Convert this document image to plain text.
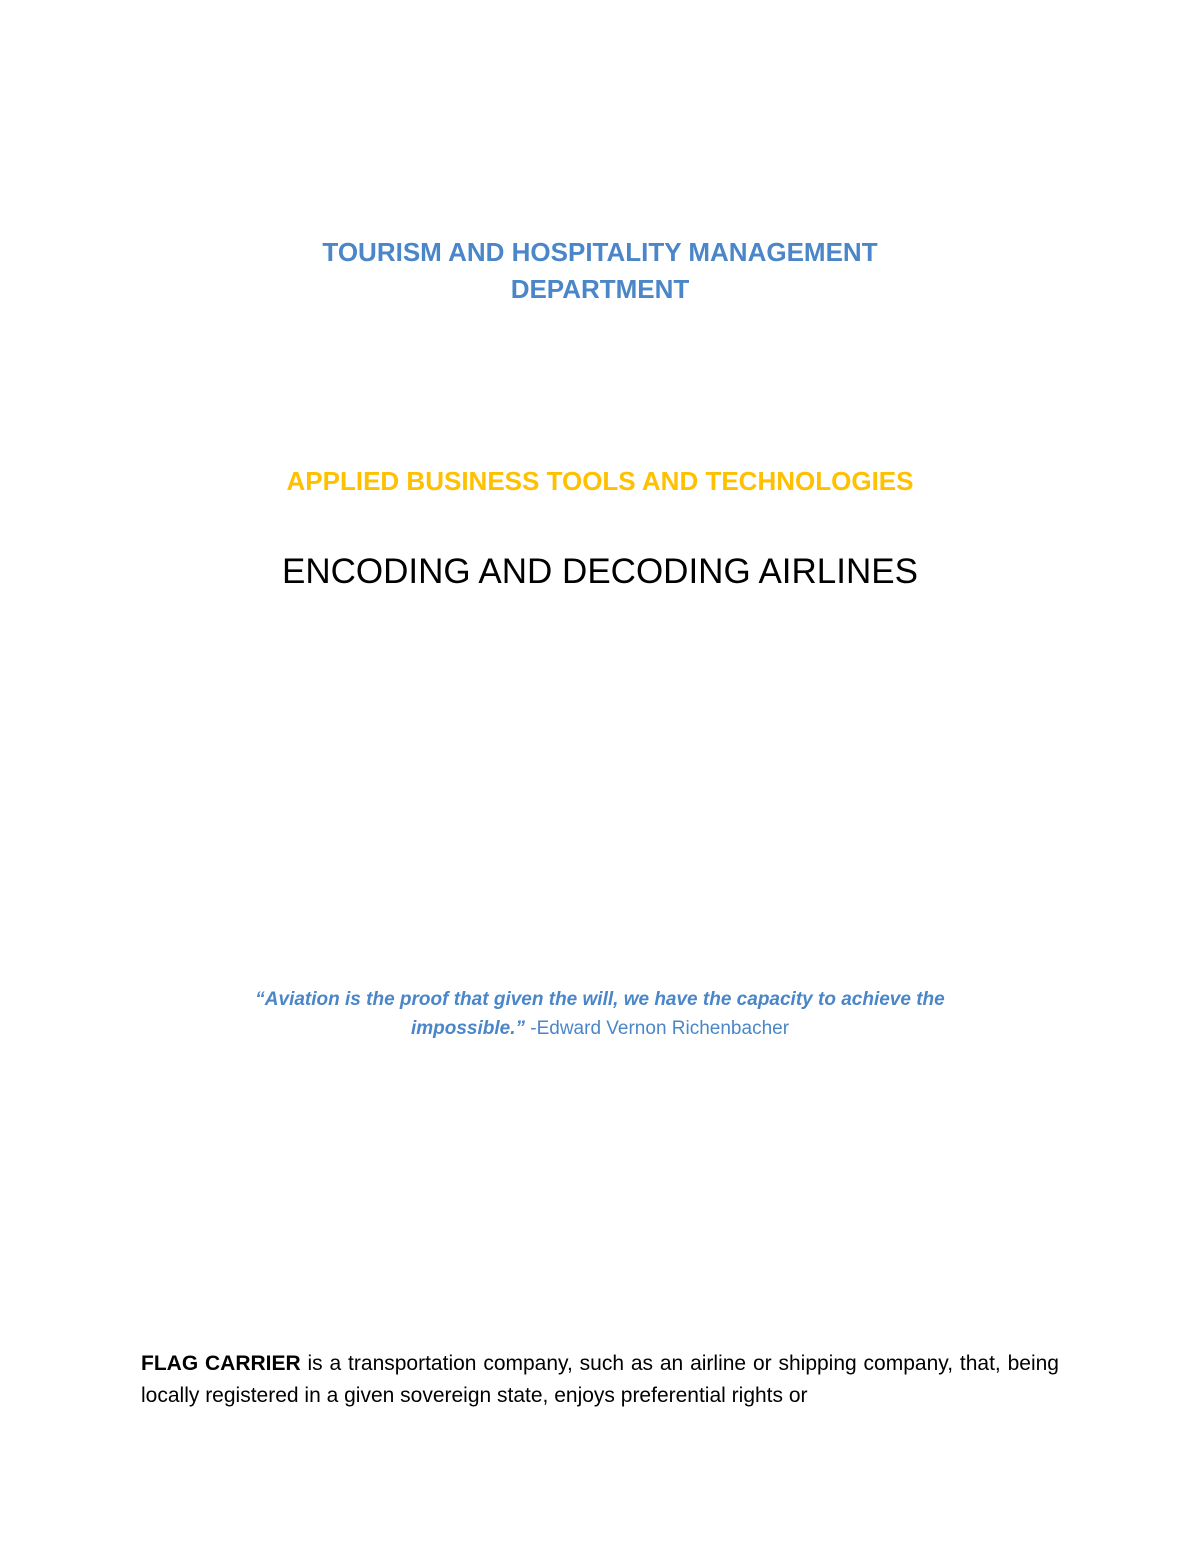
TOURISM AND HOSPITALITY MANAGEMENT
DEPARTMENT
APPLIED BUSINESS TOOLS AND TECHNOLOGIES
ENCODING AND DECODING AIRLINES
“Aviation is the proof that given the will, we have the capacity to achieve the
impossible.” -Edward Vernon Richenbacher
FLAG CARRIER is a transportation company, such as an airline or shipping company, that, being locally registered in a given sovereign state, enjoys preferential rights or
